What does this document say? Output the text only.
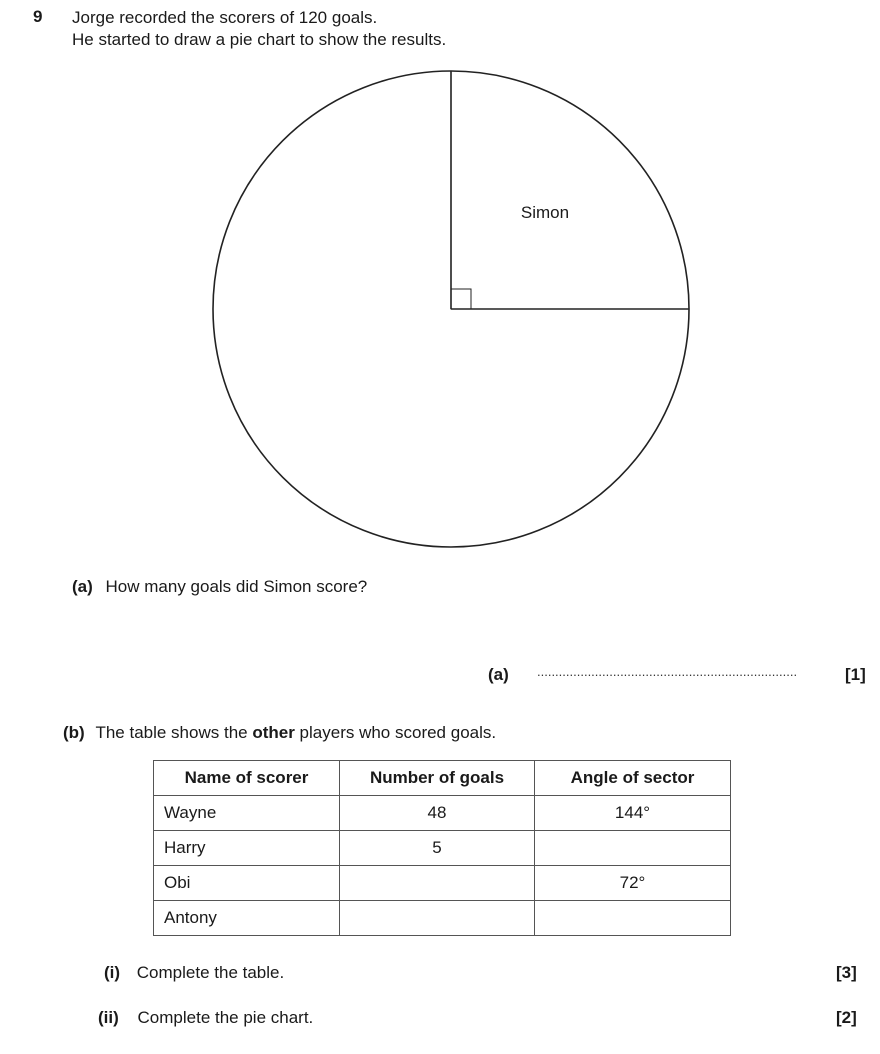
9 Jorge recorded the scorers of 120 goals.
He started to draw a pie chart to show the results.
Simon
(a) How many goals did Simon score?
(a) ........................................................................	[1]
(b) The table shows the other players who scored goals.
Name of scorer	Number of goals	Angle of sector
Wayne	48	144°
Harry	5	
Obi		72°
Antony		
(i) Complete the table.	[3]
(ii) Complete the pie chart.	[2]
